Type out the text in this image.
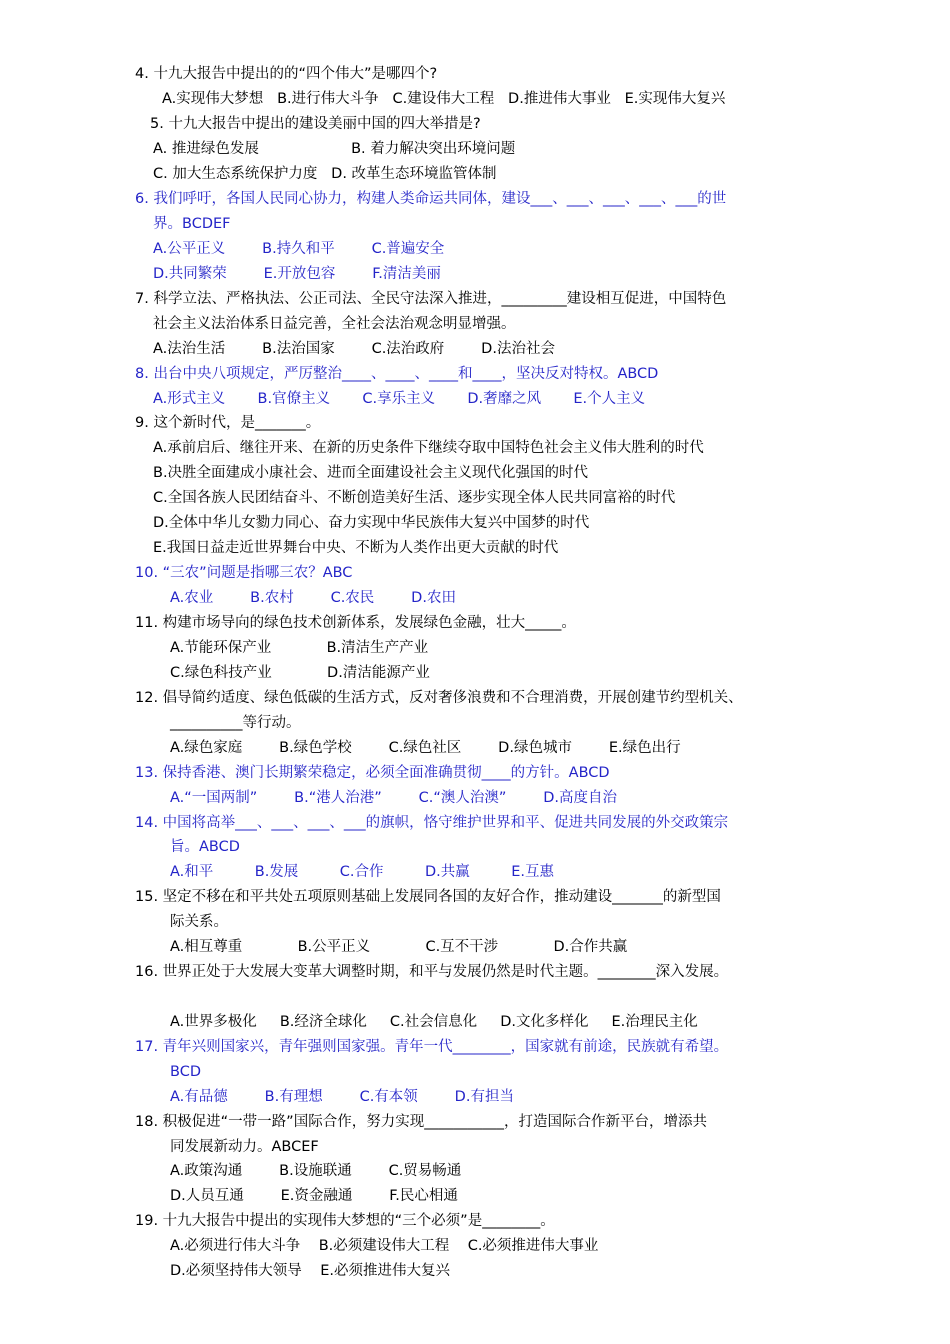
4. 十九大报告中提出的的“四个伟大”是哪四个?
A.实现伟大梦想   B.进行伟大斗争   C.建设伟大工程   D.推进伟大事业   E.实现伟大复兴
5. 十九大报告中提出的建设美丽中国的四大举措是?
A. 推进绿色发展                    B. 着力解决突出环境问题
C. 加大生态系统保护力度   D. 改革生态环境监管体制
6. 我们呼吁，各国人民同心协力，构建人类命运共同体，建设___、___、___、___、___的世
界。BCDEF
A.公平正义        B.持久和平        C.普遍安全
D.共同繁荣        E.开放包容        F.清洁美丽
7. 科学立法、严格执法、公正司法、全民守法深入推进，_________建设相互促进，中国特色
社会主义法治体系日益完善，全社会法治观念明显增强。
A.法治生活        B.法治国家        C.法治政府        D.法治社会
8. 出台中央八项规定，严厉整治____、____、____和____，坚决反对特权。ABCD
A.形式主义       B.官僚主义       C.享乐主义       D.奢靡之风       E.个人主义
9. 这个新时代，是_______。
A.承前启后、继往开来、在新的历史条件下继续夺取中国特色社会主义伟大胜利的时代
B.决胜全面建成小康社会、进而全面建设社会主义现代化强国的时代
C.全国各族人民团结奋斗、不断创造美好生活、逐步实现全体人民共同富裕的时代
D.全体中华儿女勠力同心、奋力实现中华民族伟大复兴中国梦的时代
E.我国日益走近世界舞台中央、不断为人类作出更大贡献的时代
10. “三农”问题是指哪三农？ABC
A.农业        B.农村        C.农民        D.农田
11. 构建市场导向的绿色技术创新体系，发展绿色金融，壮大_____。
A.节能环保产业            B.清洁生产产业
C.绿色科技产业            D.清洁能源产业
12. 倡导简约适度、绿色低碳的生活方式，反对奢侈浪费和不合理消费，开展创建节约型机关、
__________等行动。
A.绿色家庭        B.绿色学校        C.绿色社区        D.绿色城市        E.绿色出行
13. 保持香港、澳门长期繁荣稳定，必须全面准确贯彻____的方针。ABCD
A.“一国两制”        B.“港人治港”        C.“澳人治澳”        D.高度自治
14. 中国将高举___、___、___、___的旗帜，恪守维护世界和平、促进共同发展的外交政策宗
旨。ABCD
A.和平         B.发展         C.合作         D.共赢         E.互惠
15. 坚定不移在和平共处五项原则基础上发展同各国的友好合作，推动建设_______的新型国
际关系。
A.相互尊重            B.公平正义            C.互不干涉            D.合作共赢
16. 世界正处于大发展大变革大调整时期，和平与发展仍然是时代主题。________深入发展。
A.世界多极化     B.经济全球化     C.社会信息化     D.文化多样化     E.治理民主化
17. 青年兴则国家兴，青年强则国家强。青年一代________，国家就有前途，民族就有希望。
BCD
A.有品德        B.有理想        C.有本领        D.有担当
18. 积极促进“一带一路”国际合作，努力实现___________，打造国际合作新平台，增添共
同发展新动力。ABCEF
A.政策沟通        B.设施联通        C.贸易畅通
D.人员互通        E.资金融通        F.民心相通
19. 十九大报告中提出的实现伟大梦想的“三个必须”是________。
A.必须进行伟大斗争    B.必须建设伟大工程    C.必须推进伟大事业
D.必须坚持伟大领导    E.必须推进伟大复兴
